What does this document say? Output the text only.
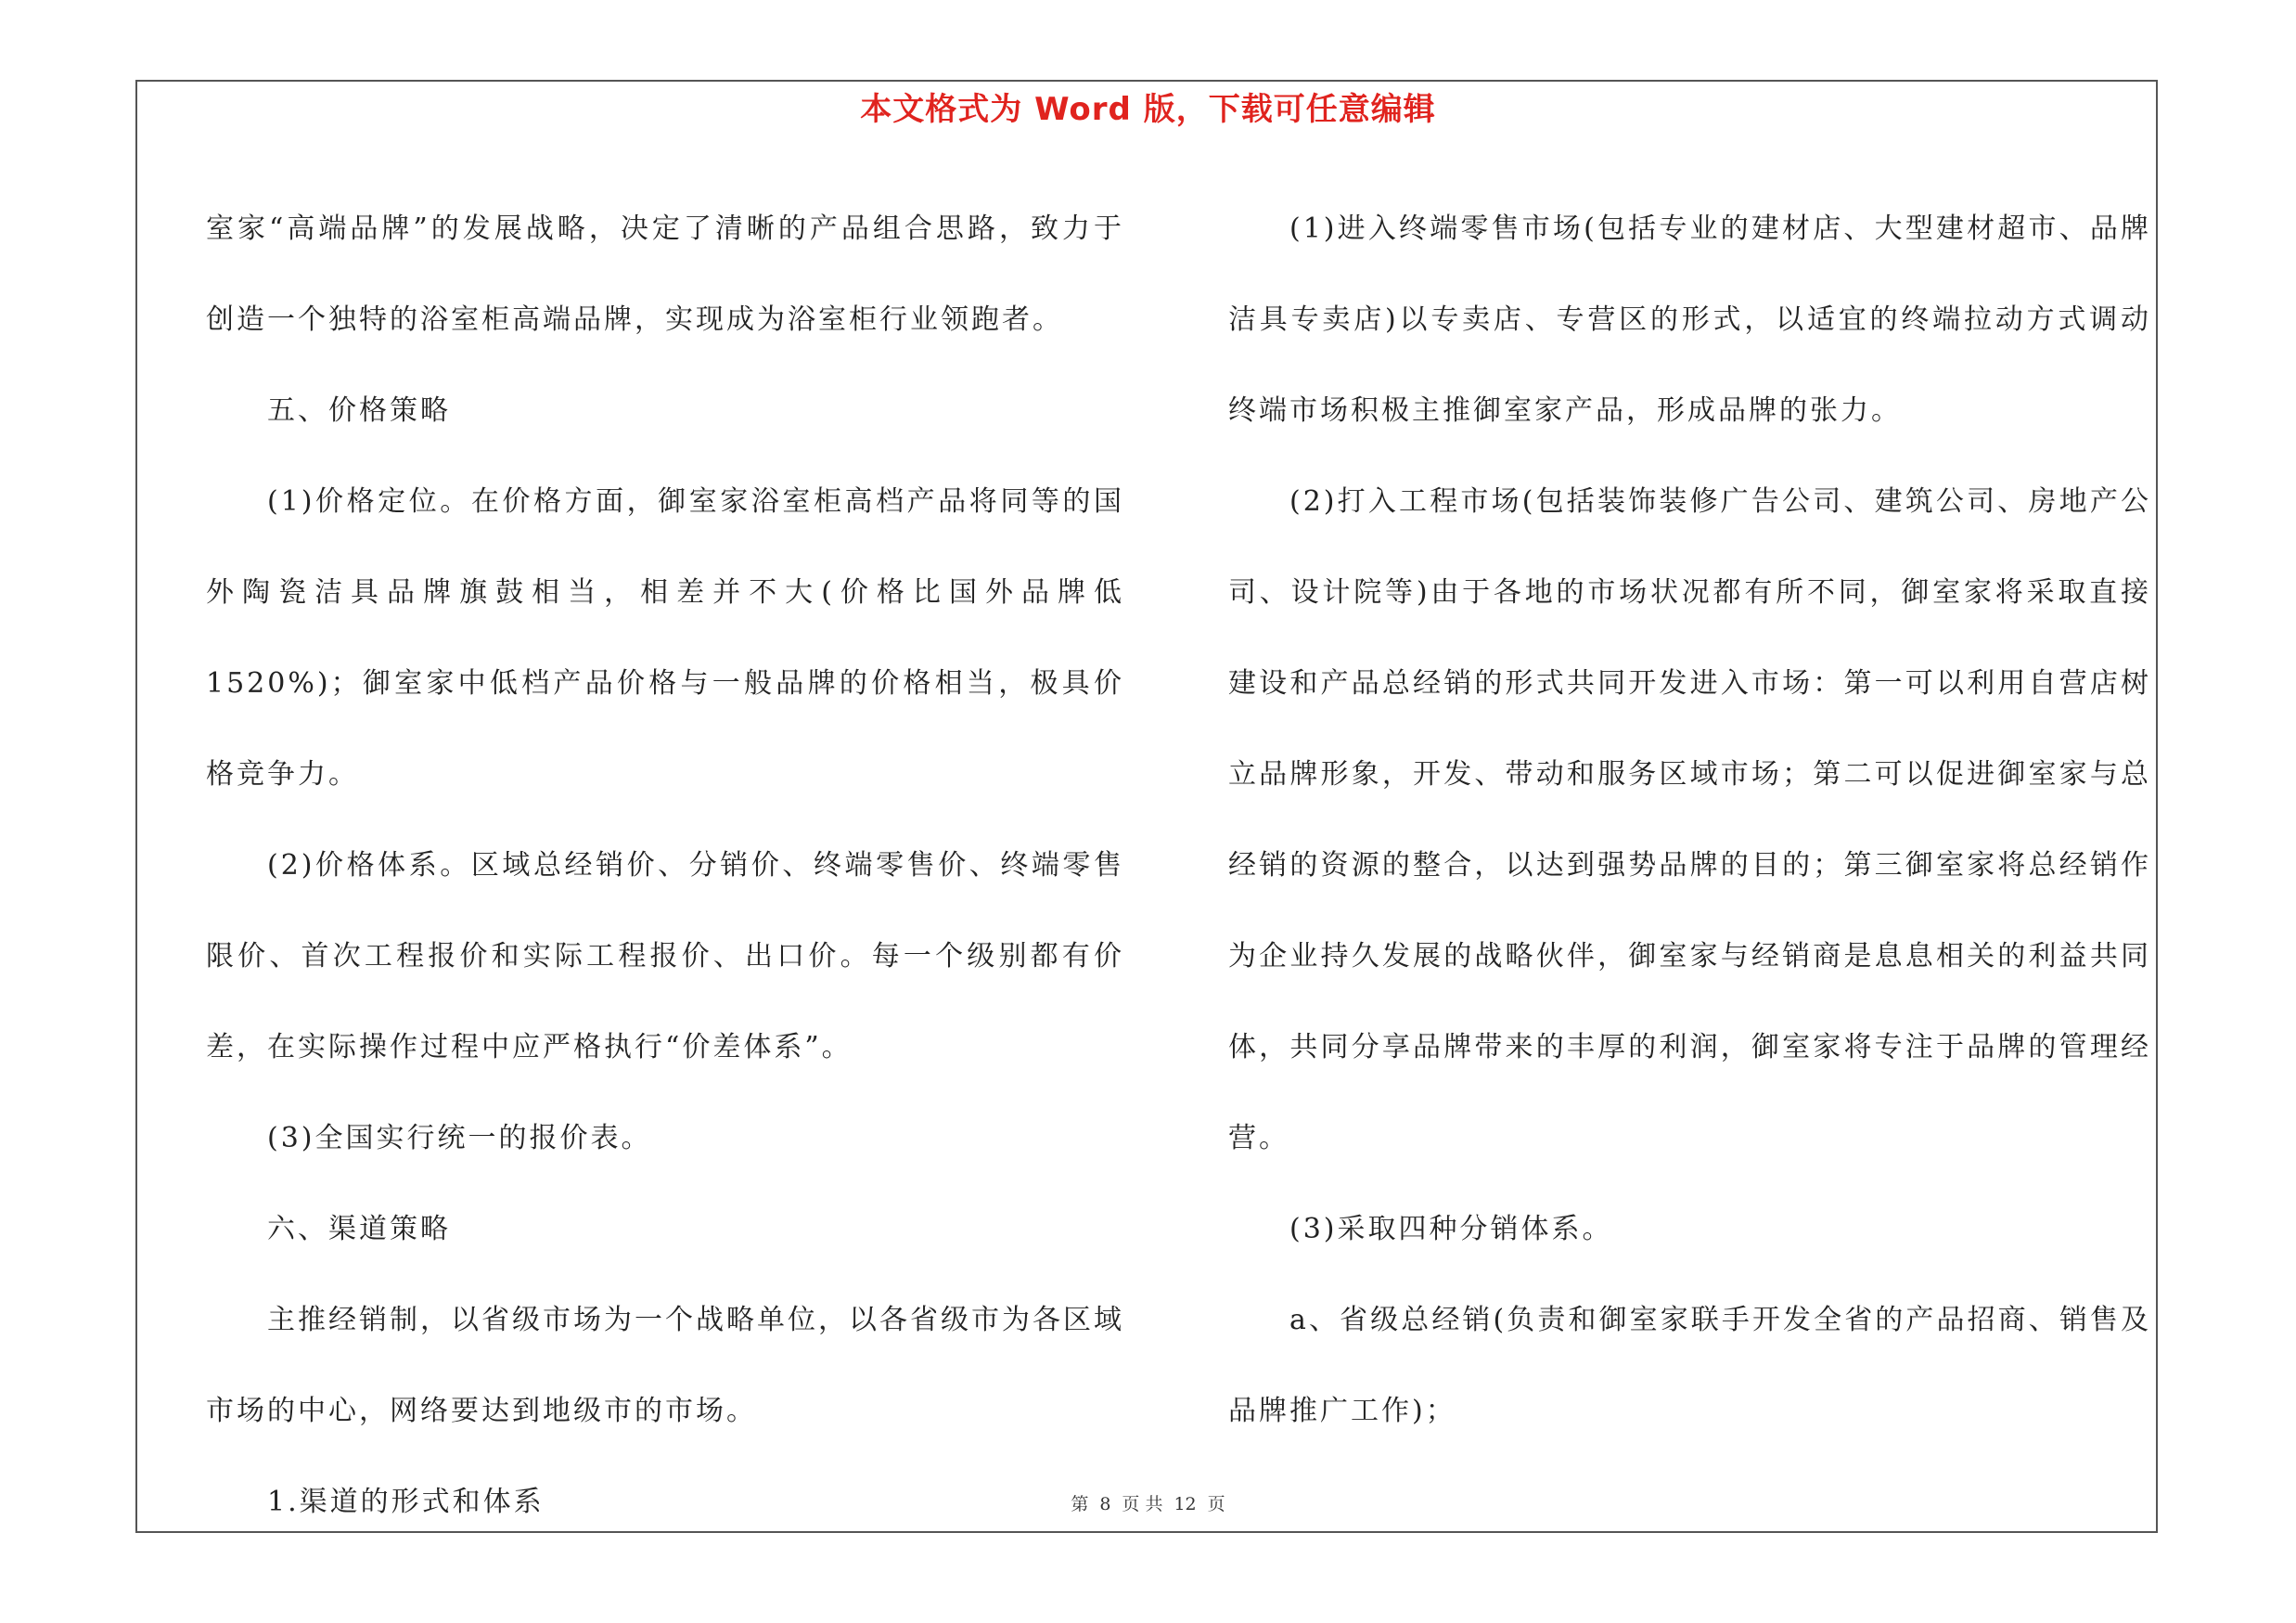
本文格式为 Word 版，下载可任意编辑

室家“高端品牌”的发展战略，决定了清晰的产品组合思路，致力于创造一个独特的浴室柜高端品牌，实现成为浴室柜行业领跑者。

五、价格策略

(1)价格定位。在价格方面，御室家浴室柜高档产品将同等的国外陶瓷洁具品牌旗鼓相当，相差并不大(价格比国外品牌低 1520%)；御室家中低档产品价格与一般品牌的价格相当，极具价格竞争力。

(2)价格体系。区域总经销价、分销价、终端零售价、终端零售限价、首次工程报价和实际工程报价、出口价。每一个级别都有价差，在实际操作过程中应严格执行“价差体系”。

(3)全国实行统一的报价表。

六、渠道策略

主推经销制，以省级市场为一个战略单位，以各省级市为各区域市场的中心，网络要达到地级市的市场。

1.渠道的形式和体系

(1)进入终端零售市场(包括专业的建材店、大型建材超市、品牌洁具专卖店)以专卖店、专营区的形式，以适宜的终端拉动方式调动终端市场积极主推御室家产品，形成品牌的张力。

(2)打入工程市场(包括装饰装修广告公司、建筑公司、房地产公司、设计院等)由于各地的市场状况都有所不同，御室家将采取直接建设和产品总经销的形式共同开发进入市场：第一可以利用自营店树立品牌形象，开发、带动和服务区域市场；第二可以促进御室家与总经销的资源的整合，以达到强势品牌的目的；第三御室家将总经销作为企业持久发展的战略伙伴，御室家与经销商是息息相关的利益共同体，共同分享品牌带来的丰厚的利润，御室家将专注于品牌的管理经营。

(3)采取四种分销体系。

a、省级总经销(负责和御室家联手开发全省的产品招商、销售及品牌推广工作)；

第 8 页 共 12 页
